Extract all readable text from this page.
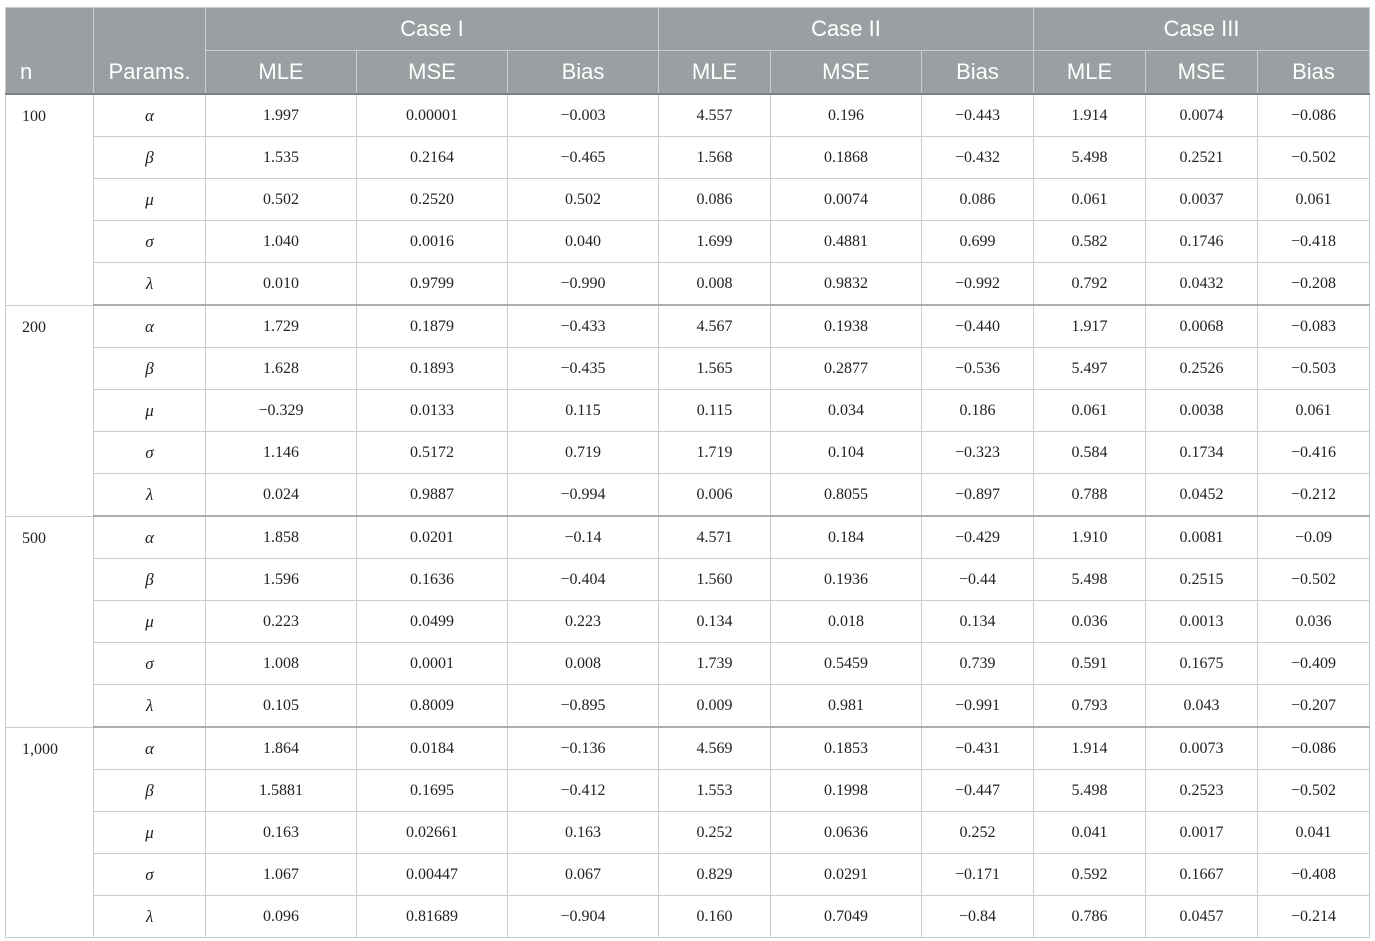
n	Params.	Case I			Case II			Case III		
		MLE	MSE	Bias	MLE	MSE	Bias	MLE	MSE	Bias
100	α	1.997	0.00001	−0.003	4.557	0.196	−0.443	1.914	0.0074	−0.086
	β	1.535	0.2164	−0.465	1.568	0.1868	−0.432	5.498	0.2521	−0.502
	μ	0.502	0.2520	0.502	0.086	0.0074	0.086	0.061	0.0037	0.061
	σ	1.040	0.0016	0.040	1.699	0.4881	0.699	0.582	0.1746	−0.418
	λ	0.010	0.9799	−0.990	0.008	0.9832	−0.992	0.792	0.0432	−0.208
200	α	1.729	0.1879	−0.433	4.567	0.1938	−0.440	1.917	0.0068	−0.083
	β	1.628	0.1893	−0.435	1.565	0.2877	−0.536	5.497	0.2526	−0.503
	μ	−0.329	0.0133	0.115	0.115	0.034	0.186	0.061	0.0038	0.061
	σ	1.146	0.5172	0.719	1.719	0.104	−0.323	0.584	0.1734	−0.416
	λ	0.024	0.9887	−0.994	0.006	0.8055	−0.897	0.788	0.0452	−0.212
500	α	1.858	0.0201	−0.14	4.571	0.184	−0.429	1.910	0.0081	−0.09
	β	1.596	0.1636	−0.404	1.560	0.1936	−0.44	5.498	0.2515	−0.502
	μ	0.223	0.0499	0.223	0.134	0.018	0.134	0.036	0.0013	0.036
	σ	1.008	0.0001	0.008	1.739	0.5459	0.739	0.591	0.1675	−0.409
	λ	0.105	0.8009	−0.895	0.009	0.981	−0.991	0.793	0.043	−0.207
1,000	α	1.864	0.0184	−0.136	4.569	0.1853	−0.431	1.914	0.0073	−0.086
	β	1.5881	0.1695	−0.412	1.553	0.1998	−0.447	5.498	0.2523	−0.502
	μ	0.163	0.02661	0.163	0.252	0.0636	0.252	0.041	0.0017	0.041
	σ	1.067	0.00447	0.067	0.829	0.0291	−0.171	0.592	0.1667	−0.408
	λ	0.096	0.81689	−0.904	0.160	0.7049	−0.84	0.786	0.0457	−0.214
